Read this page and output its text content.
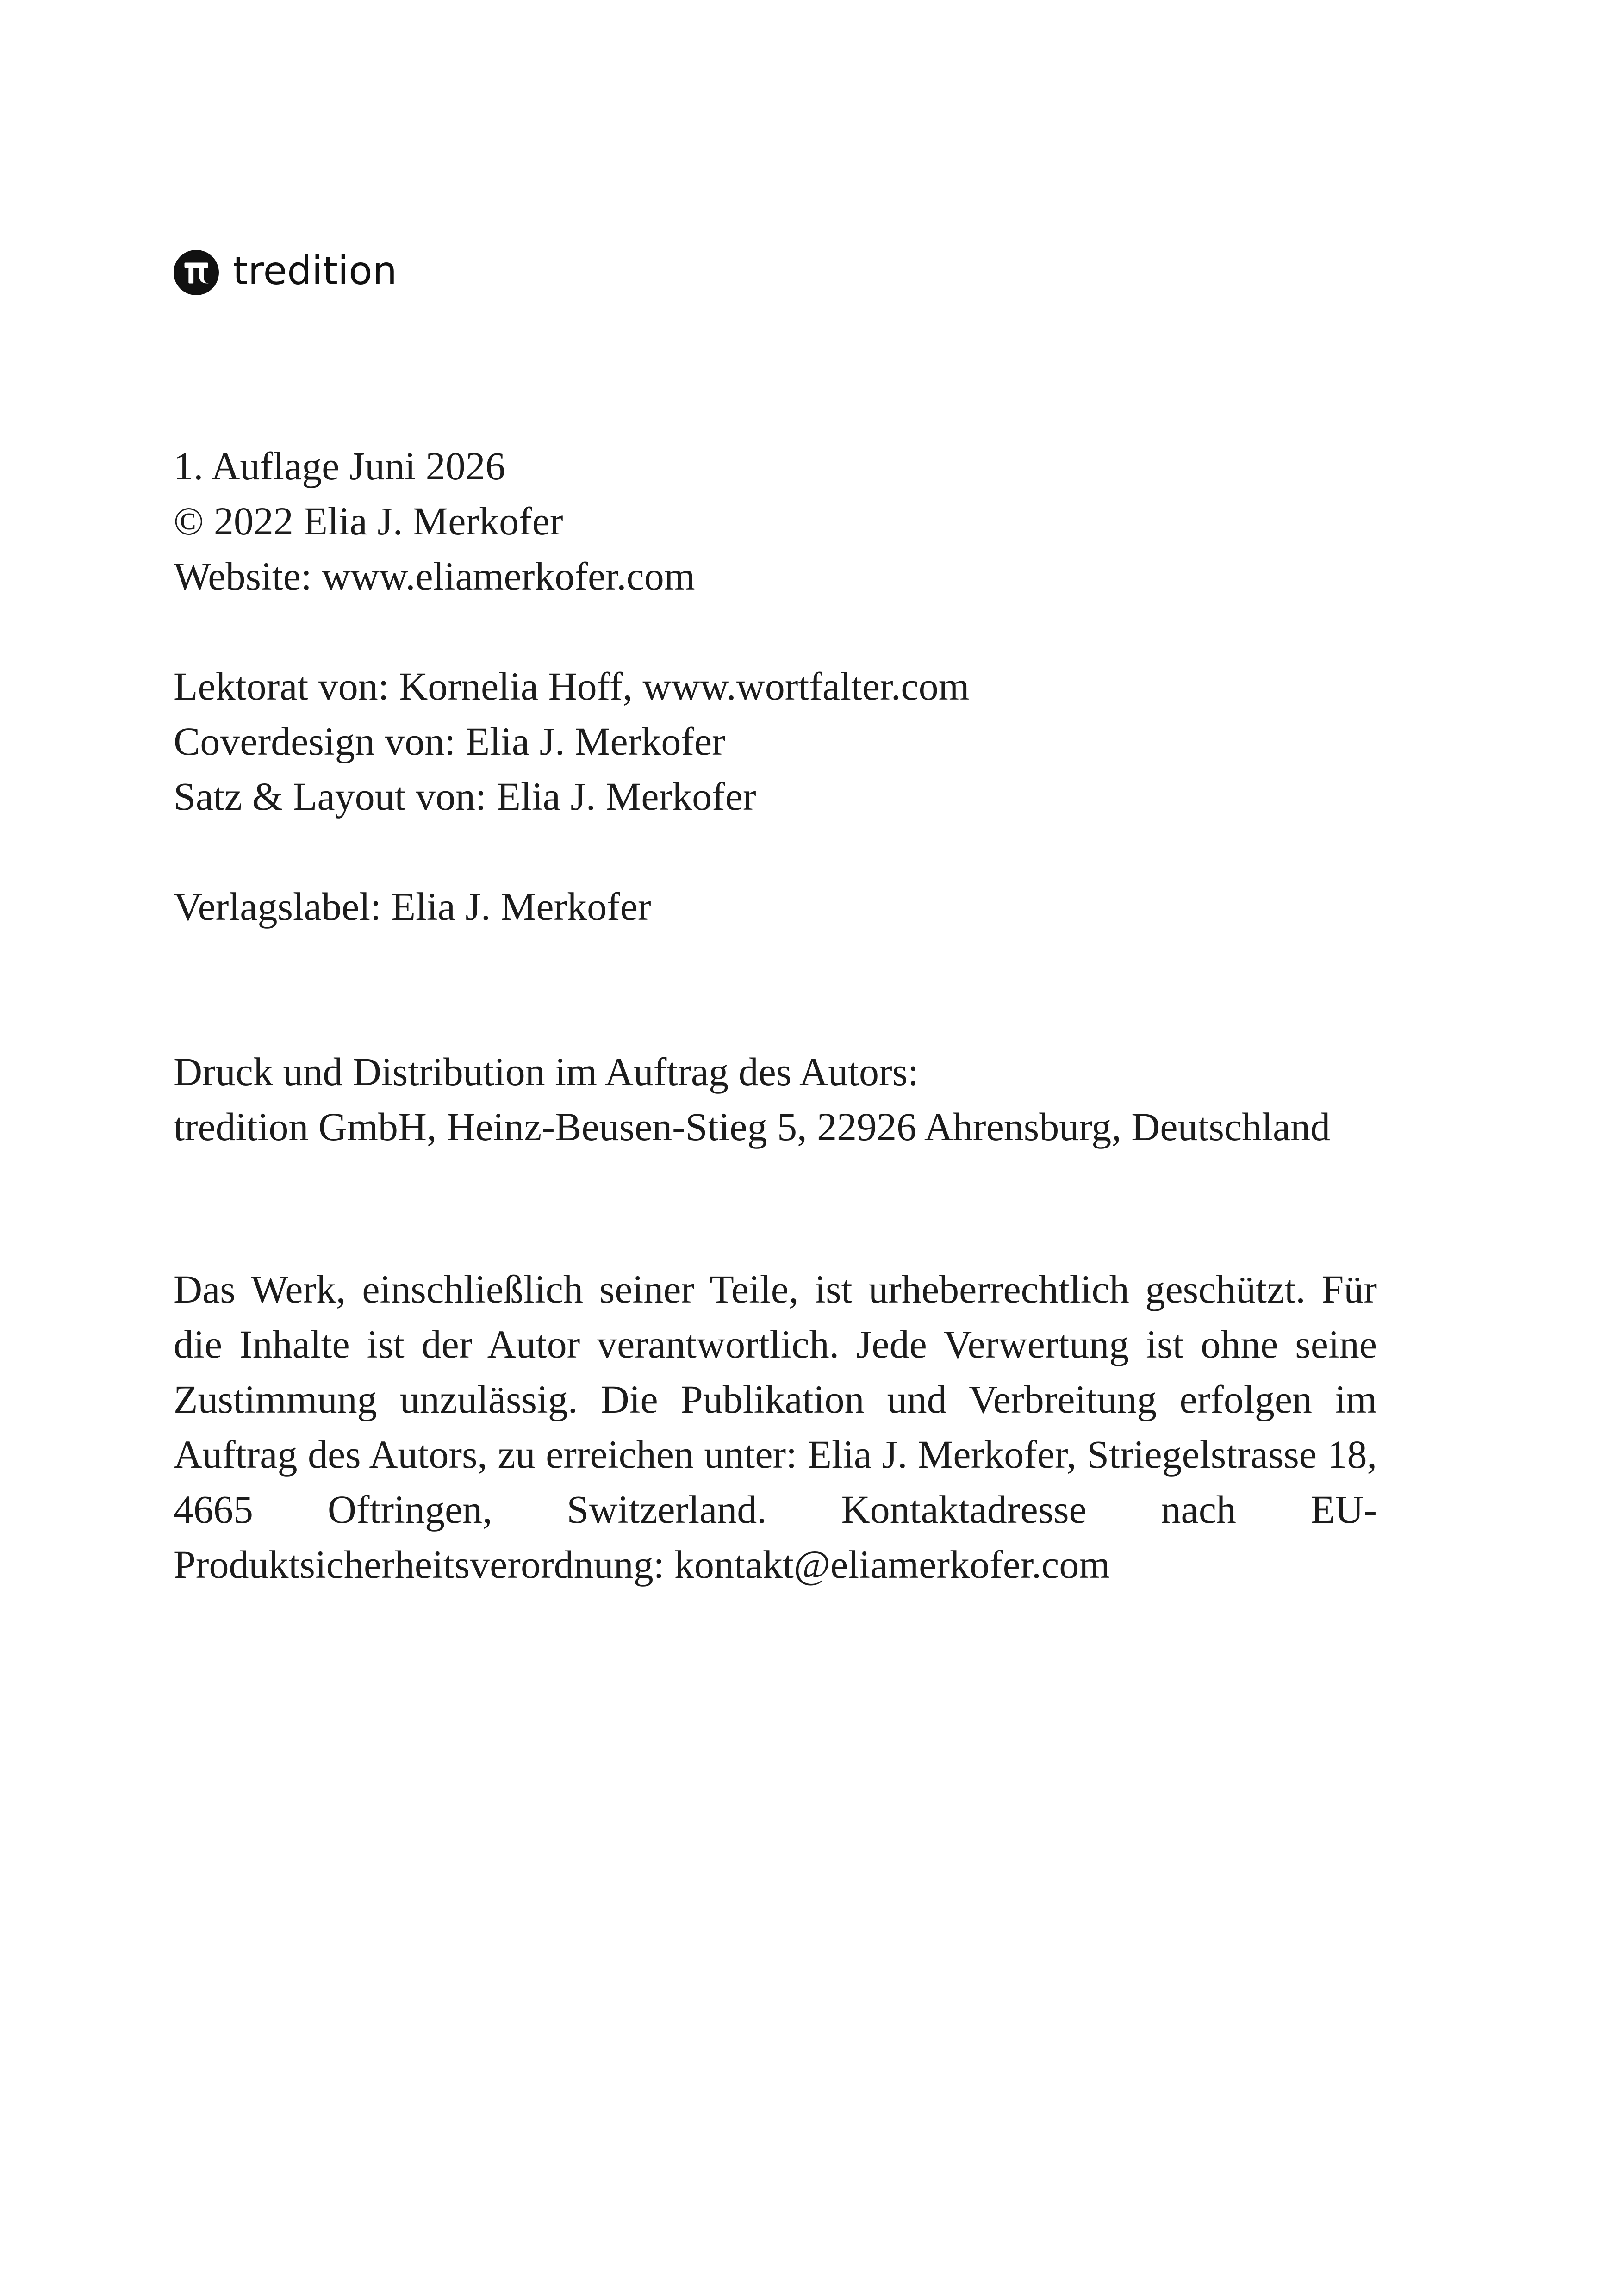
tredition
1. Auflage Juni 2026
© 2022 Elia J. Merkofer
Website: www.eliamerkofer.com
Lektorat von: Kornelia Hoff, www.wortfalter.com
Coverdesign von: Elia J. Merkofer
Satz & Layout von: Elia J. Merkofer
Verlagslabel: Elia J. Merkofer
Druck und Distribution im Auftrag des Autors:
tredition GmbH, Heinz-Beusen-Stieg 5, 22926 Ahrensburg, Deutschland

Das Werk, einschließlich seiner Teile, ist urheberrechtlich geschützt. Für die Inhalte ist der Autor verantwortlich. Jede Verwertung ist ohne seine Zustimmung unzulässig. Die Publikation und Verbreitung erfolgen im Auftrag des Autors, zu erreichen unter: Elia J. Merkofer, Striegelstrasse 18, 4665 Oftringen, Switzerland. Kontaktadresse nach EU-Produktsicherheitsverordnung: kontakt@eliamerkofer.com
